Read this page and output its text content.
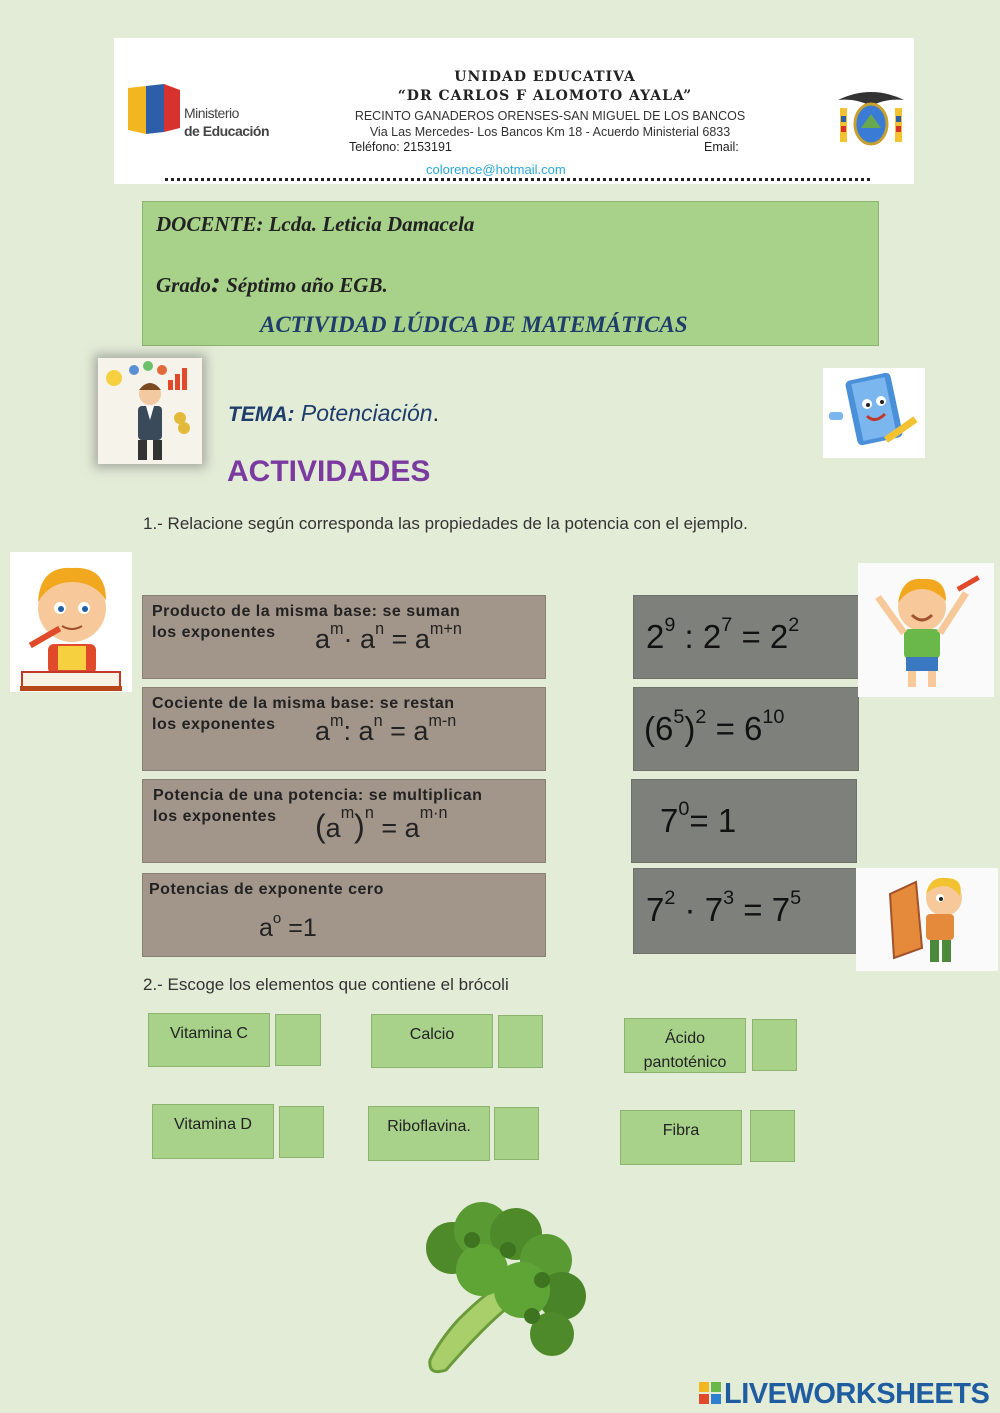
Ministerio
de Educación
UNIDAD EDUCATIVA
“DR CARLOS F ALOMOTO AYALA”
RECINTO GANADEROS ORENSES-SAN MIGUEL DE LOS BANCOS
Via Las Mercedes- Los Bancos Km 18 - Acuerdo Ministerial 6833
Teléfono: 2153191	Email:
colorence@hotmail.com
DOCENTE: Lcda. Leticia Damacela
Grado: Séptimo año EGB.
ACTIVIDAD LÚDICA DE MATEMÁTICAS
TEMA: Potenciación.
ACTIVIDADES
1.- Relacione según corresponda las propiedades de la potencia con el ejemplo.
Producto de la misma base: se suman
los exponentes	$a^m\cdot a^n = a^{m+n}$
Cociente de la misma base: se restan
los exponentes	$a^m$: $a^n = a^{m-n}$
Potencia de una potencia: se multiplican
los exponentes	$(a^m)^n = a^{m\cdot n}$
Potencias de exponente cero
$a^o =1$
$2^9$ : $2^7 = 2^2$
$(6^5)^2 = 6^{10}$
$7^0= 1$
$7^2 \cdot 7^3 = 7^5$
2.- Escoge los elementos que contiene el brócoli
Vitamina C	Calcio	Ácido pantoténico
Vitamina D	Riboflavina.	Fibra
LIVEWORKSHEETS
